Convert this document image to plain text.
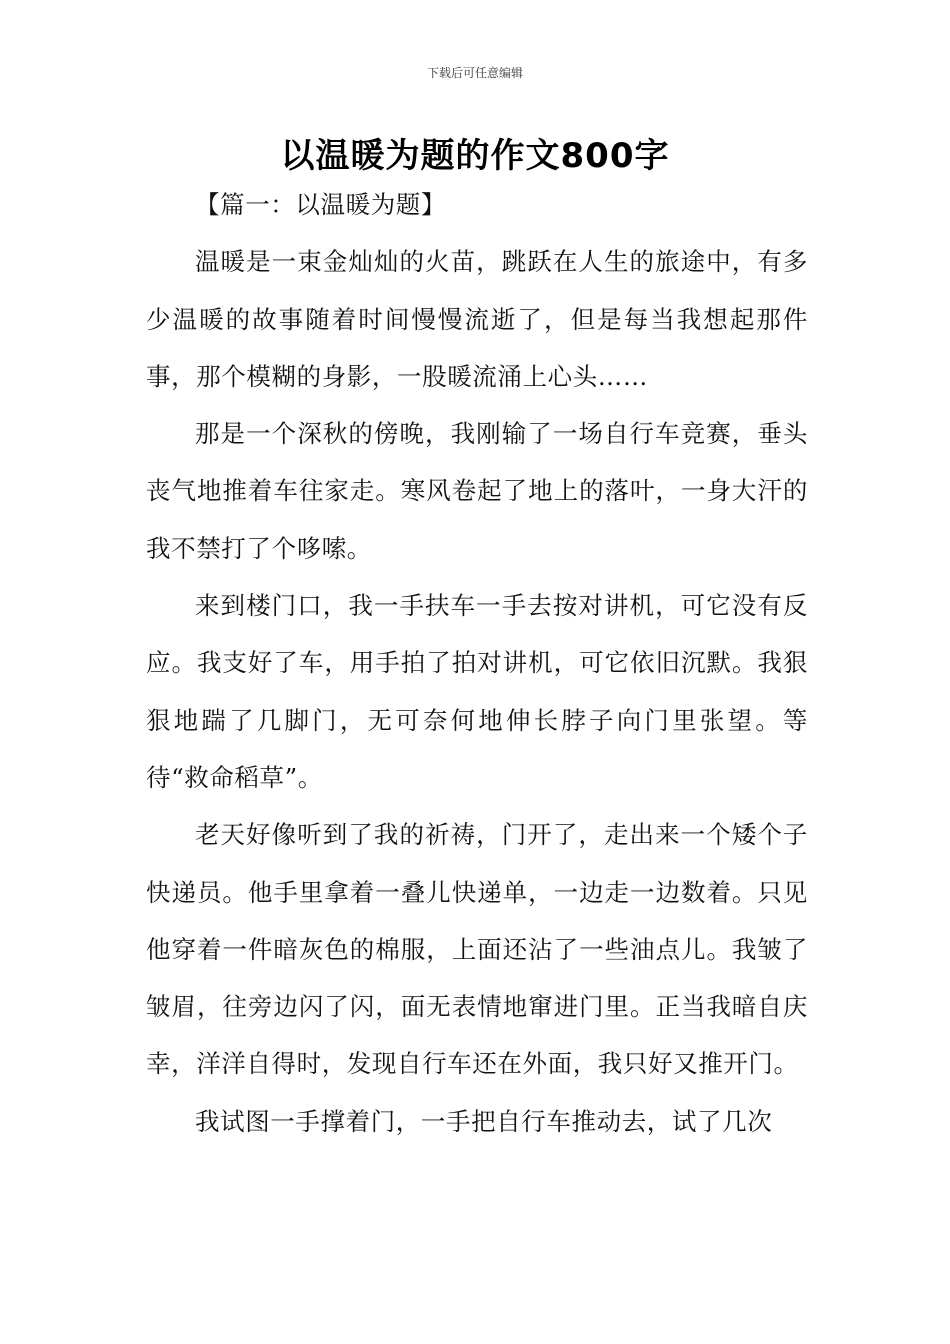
下载后可任意编辑
以温暖为题的作文800字

【篇一：以温暖为题】

温暖是一束金灿灿的火苗，跳跃在人生的旅途中，有多少温暖的故事随着时间慢慢流逝了，但是每当我想起那件事，那个模糊的身影，一股暖流涌上心头……

那是一个深秋的傍晚，我刚输了一场自行车竞赛，垂头丧气地推着车往家走。寒风卷起了地上的落叶，一身大汗的我不禁打了个哆嗦。

来到楼门口，我一手扶车一手去按对讲机，可它没有反应。我支好了车，用手拍了拍对讲机，可它依旧沉默。我狠狠地踹了几脚门，无可奈何地伸长脖子向门里张望。等待“救命稻草”。

老天好像听到了我的祈祷，门开了，走出来一个矮个子快递员。他手里拿着一叠儿快递单，一边走一边数着。只见他穿着一件暗灰色的棉服，上面还沾了一些油点儿。我皱了皱眉，往旁边闪了闪，面无表情地窜进门里。正当我暗自庆幸，洋洋自得时，发现自行车还在外面，我只好又推开门。

我试图一手撑着门，一手把自行车推动去，试了几次
